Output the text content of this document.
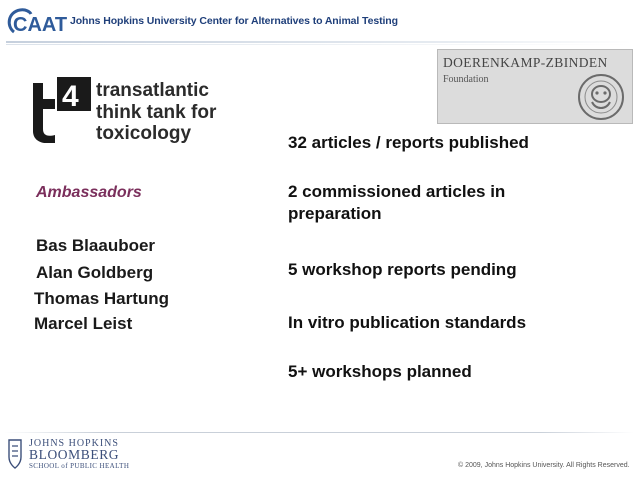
CAAT Johns Hopkins University Center for Alternatives to Animal Testing
4 transatlantic
think tank for
toxicology
DOERENKAMP-ZBINDEN
Foundation
Ambassadors
Bas Blaauboer
Alan Goldberg
Thomas Hartung
Marcel Leist
32 articles / reports published
2 commissioned articles in preparation
5 workshop reports pending
In vitro publication standards
5+ workshops planned
JOHNS HOPKINS
BLOOMBERG
SCHOOL of PUBLIC HEALTH	© 2009, Johns Hopkins University. All Rights Reserved.
